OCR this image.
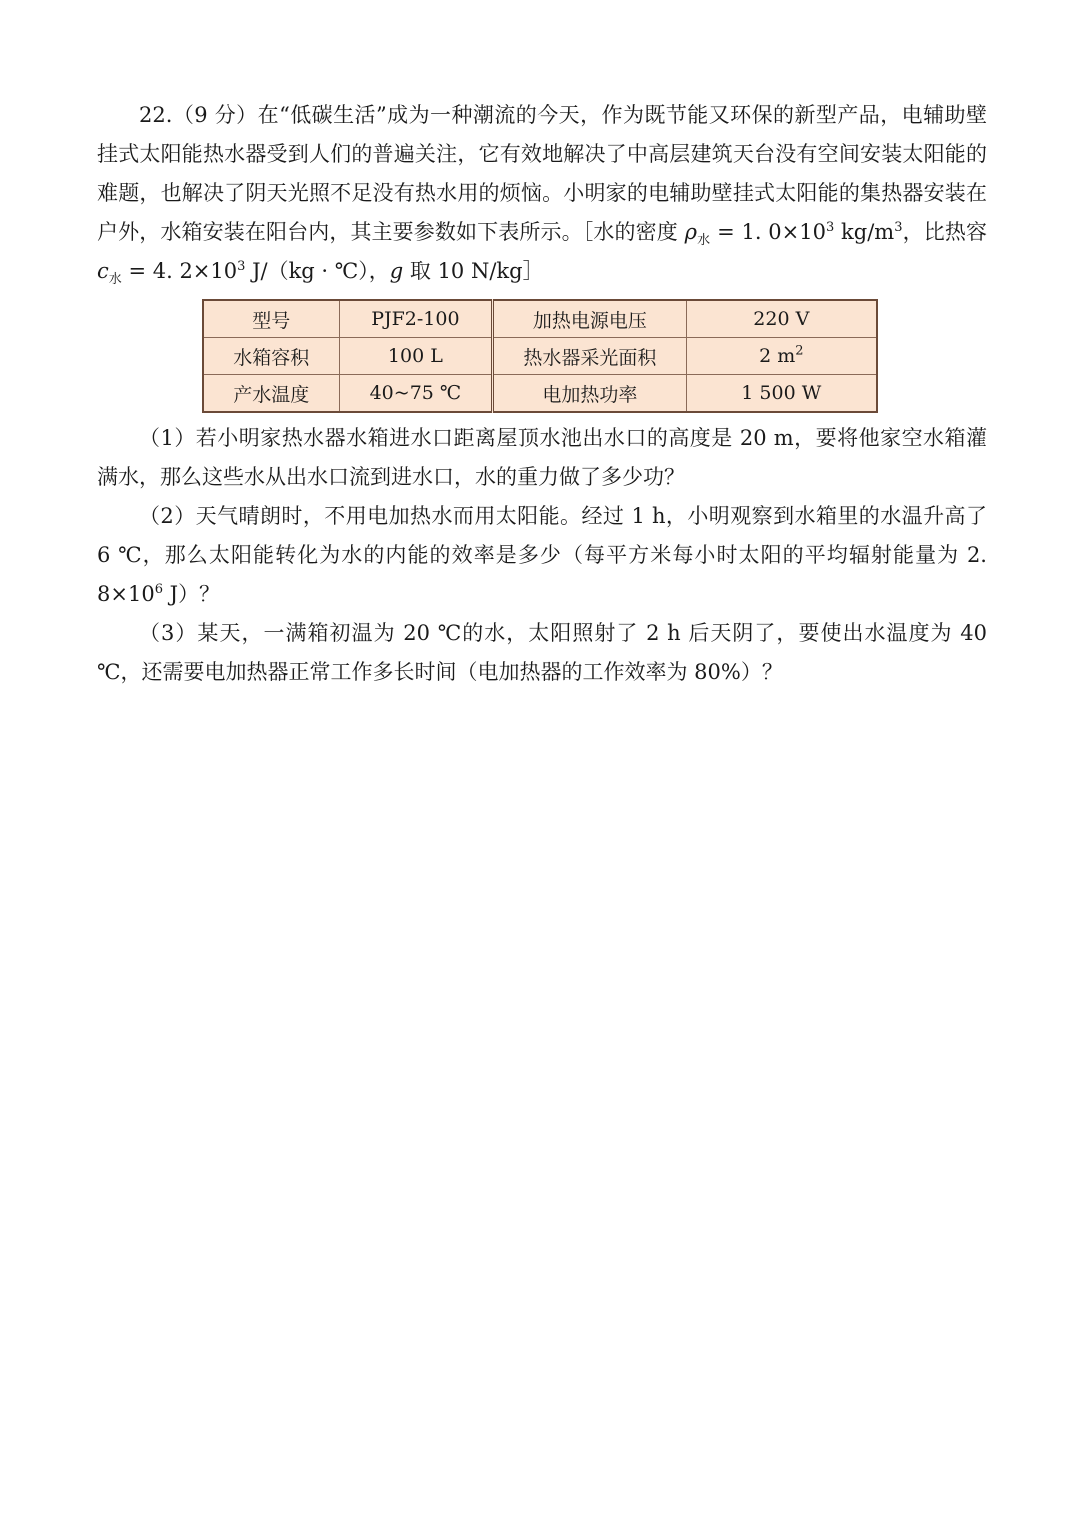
22.（9 分）在“低碳生活”成为一种潮流的今天，作为既节能又环保的新型产品，电辅助壁挂式太阳能热水器受到人们的普遍关注，它有效地解决了中高层建筑天台没有空间安装太阳能的难题，也解决了阴天光照不足没有热水用的烦恼。小明家的电辅助壁挂式太阳能的集热器安装在户外，水箱安装在阳台内，其主要参数如下表所示。［水的密度 $\rho_水 = 1$. $0\times 10^3$ $kg/m^3$，比热容 $c_水 = 4$. $2\times 10^3$ J/（kg · ℃），g 取 10 N/kg］

型号	PJF2-100	加热电源电压	220 V
水箱容积	100 L	热水器采光面积	2 $m^2$
产水温度	40~75 ℃	电加热功率	1 500 W

（1）若小明家热水器水箱进水口距离屋顶水池出水口的高度是 20 m，要将他家空水箱灌满水，那么这些水从出水口流到进水口，水的重力做了多少功？

（2）天气晴朗时，不用电加热水而用太阳能。经过 1 h，小明观察到水箱里的水温升高了 6 ℃，那么太阳能转化为水的内能的效率是多少（每平方米每小时太阳的平均辐射能量为 2. $8\times 10^6$ J）？

（3）某天，一满箱初温为 20 ℃的水，太阳照射了 2 h 后天阴了，要使出水温度为 40 ℃，还需要电加热器正常工作多长时间（电加热器的工作效率为 80%）？
